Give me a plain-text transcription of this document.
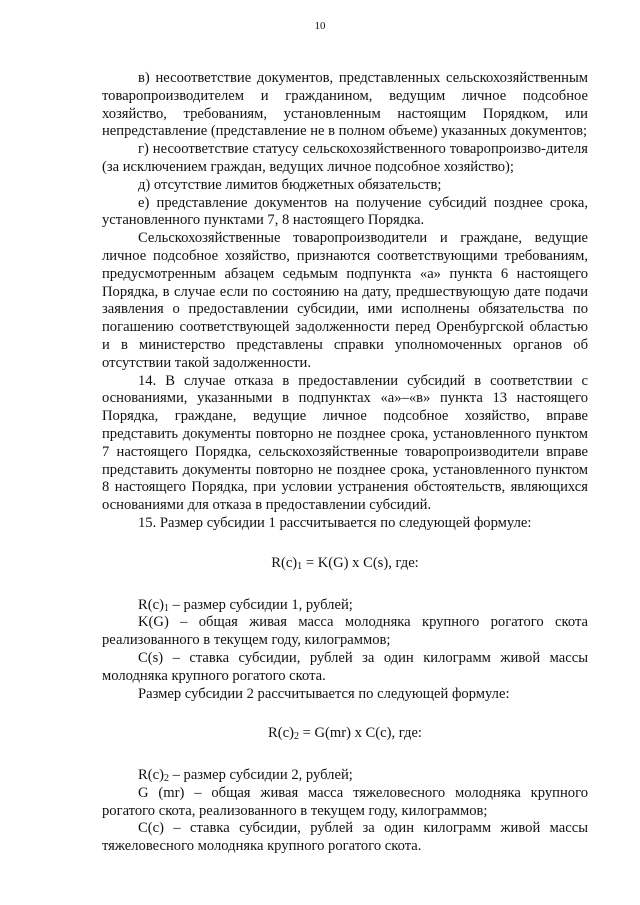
10

в) несоответствие документов, представленных сельскохозяйственным товаропроизводителем и гражданином, ведущим личное подсобное хозяйство, требованиям, установленным настоящим Порядком, или непредставление (представление не в полном объеме) указанных документов;

г) несоответствие статусу сельскохозяйственного товаропроизво-дителя (за исключением граждан, ведущих личное подсобное хозяйство);

д) отсутствие лимитов бюджетных обязательств;

е) представление документов на получение субсидий позднее срока, установленного пунктами 7, 8 настоящего Порядка.

Сельскохозяйственные товаропроизводители и граждане, ведущие личное подсобное хозяйство, признаются соответствующими требованиям, предусмотренным абзацем седьмым подпункта «а» пункта 6 настоящего Порядка, в случае если по состоянию на дату, предшествующую дате подачи заявления о предоставлении субсидии, ими исполнены обязательства по погашению соответствующей задолженности перед Оренбургской областью и в министерство представлены справки уполномоченных органов об отсутствии такой задолженности.

14. В случае отказа в предоставлении субсидий в соответствии с основаниями, указанными в подпунктах «а»–«в» пункта 13 настоящего Порядка, граждане, ведущие личное подсобное хозяйство, вправе представить документы повторно не позднее срока, установленного пунктом 7 настоящего Порядка, сельскохозяйственные товаропроизводители вправе представить документы повторно не позднее срока, установленного пунктом 8 настоящего Порядка, при условии устранения обстоятельств, являющихся основаниями для отказа в предоставлении субсидий.

15. Размер субсидии 1 рассчитывается по следующей формуле:

$R(с)_1 = K(G)$ x C(s), где:

$R(с)_1$ – размер субсидии 1, рублей;

K(G) – общая живая масса молодняка крупного рогатого скота реализованного в текущем году, килограммов;

C(s) – ставка субсидии, рублей за один килограмм живой массы молодняка крупного рогатого скота.

Размер субсидии 2 рассчитывается по следующей формуле:

$R(с)_2 = G(mr)$ x C(c), где:

$R(с)_2$ – размер субсидии 2, рублей;

G (mr) – общая живая масса тяжеловесного молодняка крупного рогатого скота, реализованного в текущем году, килограммов;

C(c) – ставка субсидии, рублей за один килограмм живой массы тяжеловесного молодняка крупного рогатого скота.
